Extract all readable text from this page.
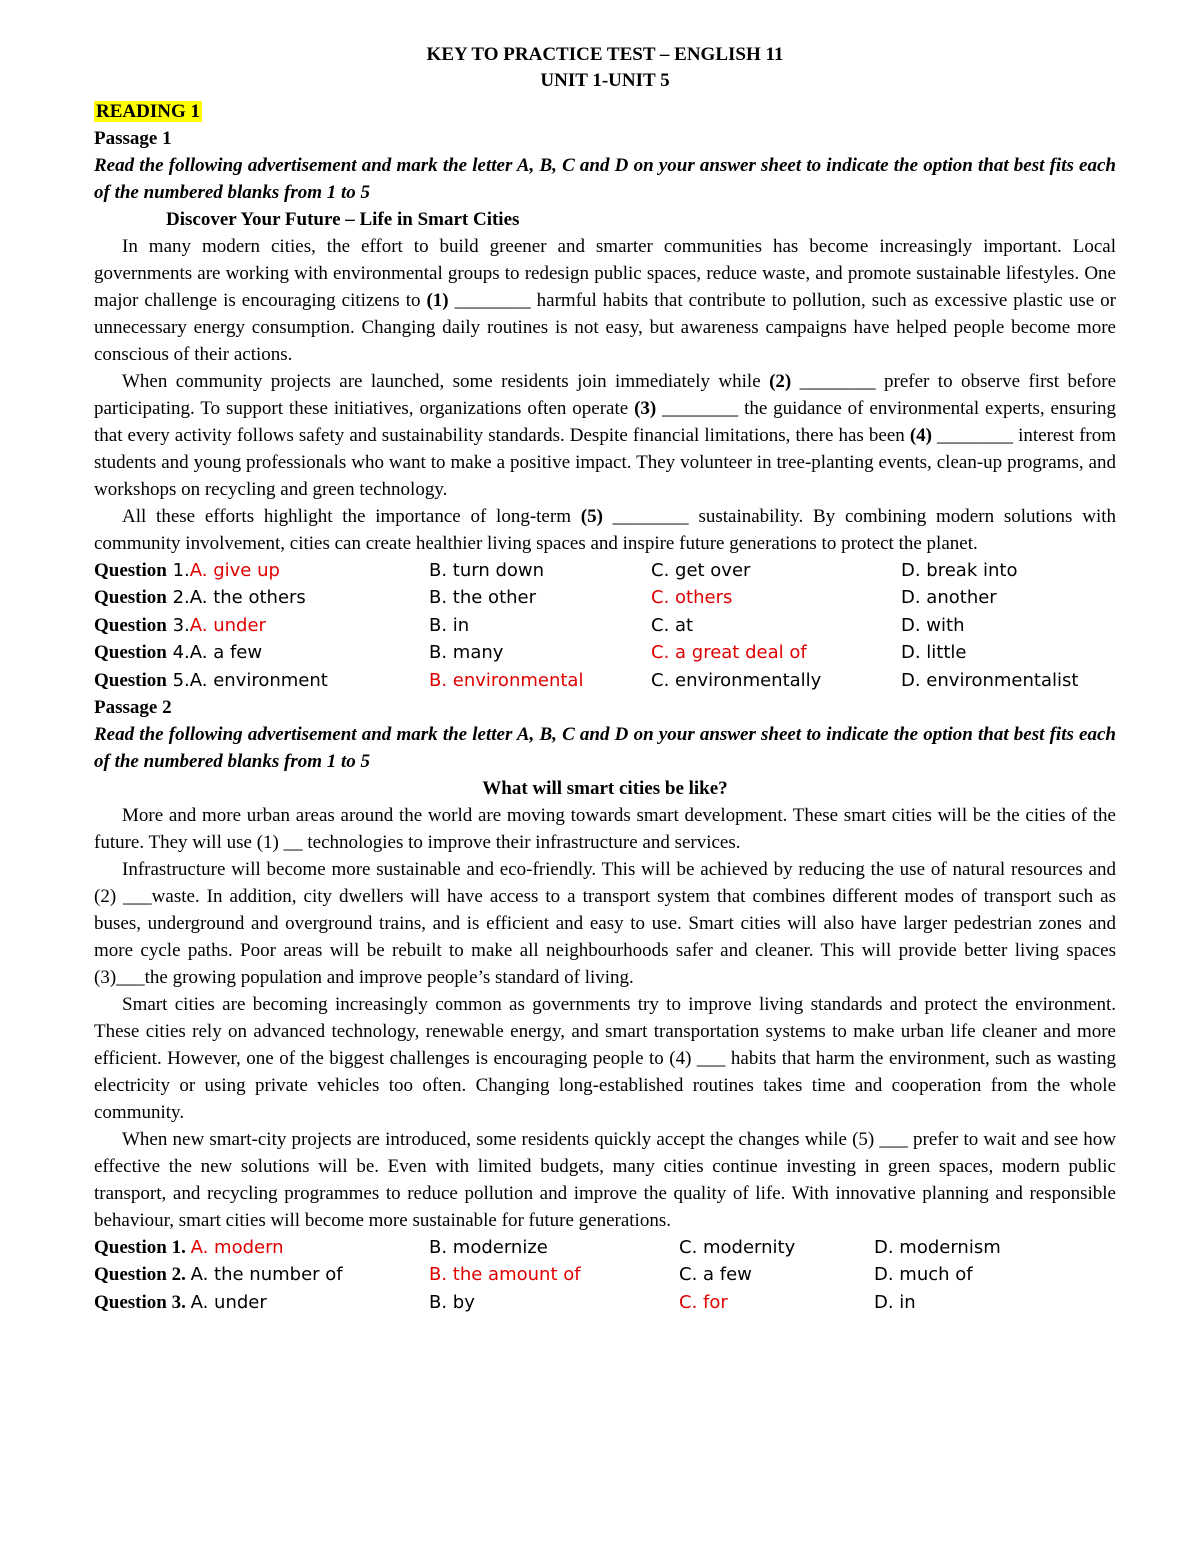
KEY TO PRACTICE TEST – ENGLISH 11
UNIT 1-UNIT 5
READING 1
Passage 1
Read the following advertisement and mark the letter A, B, C and D on your answer sheet to indicate the option that best fits each of the numbered blanks from 1 to 5
Discover Your Future – Life in Smart Cities

In many modern cities, the effort to build greener and smarter communities has become increasingly important. Local governments are working with environmental groups to redesign public spaces, reduce waste, and promote sustainable lifestyles. One major challenge is encouraging citizens to (1) ________ harmful habits that contribute to pollution, such as excessive plastic use or unnecessary energy consumption. Changing daily routines is not easy, but awareness campaigns have helped people become more conscious of their actions.

When community projects are launched, some residents join immediately while (2) ________ prefer to observe first before participating. To support these initiatives, organizations often operate (3) ________ the guidance of environmental experts, ensuring that every activity follows safety and sustainability standards. Despite financial limitations, there has been (4) ________ interest from students and young professionals who want to make a positive impact. They volunteer in tree-planting events, clean-up programs, and workshops on recycling and green technology.

All these efforts highlight the importance of long-term (5) ________ sustainability. By combining modern solutions with community involvement, cities can create healthier living spaces and inspire future generations to protect the planet.

Question 1.A. give up	B. turn down	C. get over	D. break into
Question 2.A. the others	B. the other	C. others	D. another
Question 3.A. under	B. in	C. at	D. with
Question 4.A. a few	B. many	C. a great deal of	D. little
Question 5.A. environment	B. environmental	C. environmentally	D. environmentalist
Passage 2
Read the following advertisement and mark the letter A, B, C and D on your answer sheet to indicate the option that best fits each of the numbered blanks from 1 to 5
What will smart cities be like?

More and more urban areas around the world are moving towards smart development. These smart cities will be the cities of the future. They will use (1) __ technologies to improve their infrastructure and services.

Infrastructure will become more sustainable and eco-friendly. This will be achieved by reducing the use of natural resources and (2) ___waste. In addition, city dwellers will have access to a transport system that combines different modes of transport such as buses, underground and overground trains, and is efficient and easy to use. Smart cities will also have larger pedestrian zones and more cycle paths. Poor areas will be rebuilt to make all neighbourhoods safer and cleaner. This will provide better living spaces (3)___the growing population and improve people’s standard of living.

Smart cities are becoming increasingly common as governments try to improve living standards and protect the environment. These cities rely on advanced technology, renewable energy, and smart transportation systems to make urban life cleaner and more efficient. However, one of the biggest challenges is encouraging people to (4) ___ habits that harm the environment, such as wasting electricity or using private vehicles too often. Changing long-established routines takes time and cooperation from the whole community.

When new smart-city projects are introduced, some residents quickly accept the changes while (5) ___ prefer to wait and see how effective the new solutions will be. Even with limited budgets, many cities continue investing in green spaces, modern public transport, and recycling programmes to reduce pollution and improve the quality of life. With innovative planning and responsible behaviour, smart cities will become more sustainable for future generations.

Question 1. A. modern	B. modernize	C. modernity	D. modernism
Question 2. A. the number of	B. the amount of	C. a few	D. much of
Question 3. A. under	B. by	C. for	D. in
